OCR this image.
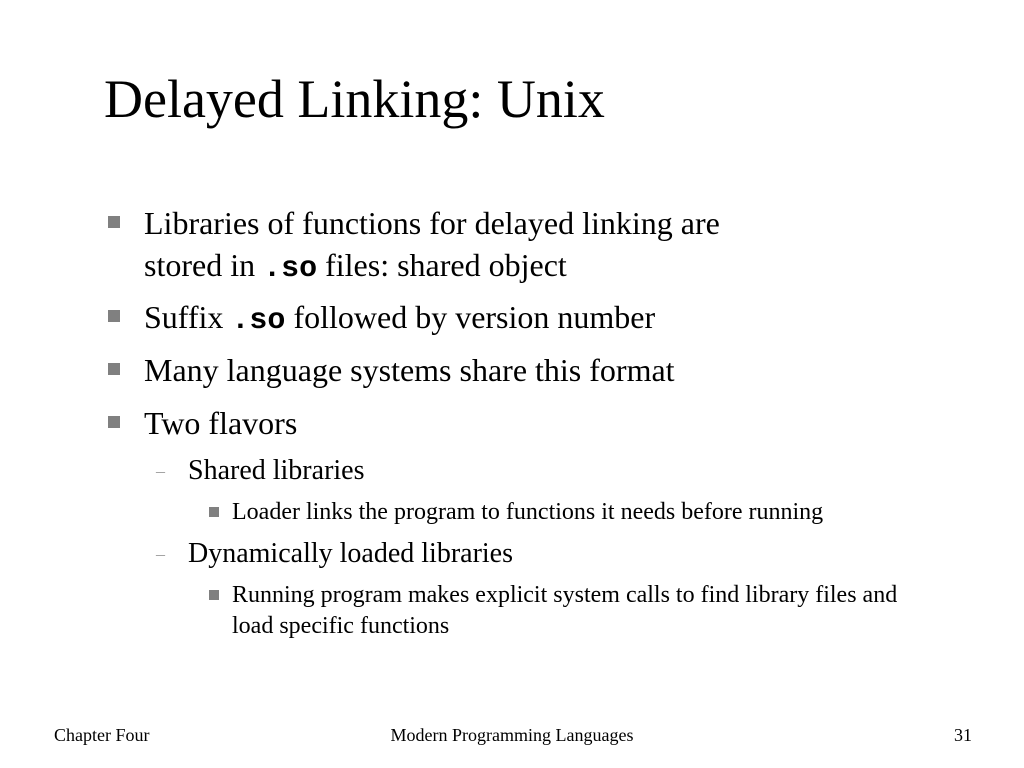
Delayed Linking: Unix
Libraries of functions for delayed linking are
stored in .so files: shared object
Suffix .so followed by version number
Many language systems share this format
Two flavors
– Shared libraries
Loader links the program to functions it needs before running
– Dynamically loaded libraries
Running program makes explicit system calls to find library files and load specific functions
Chapter Four	Modern Programming Languages	31
